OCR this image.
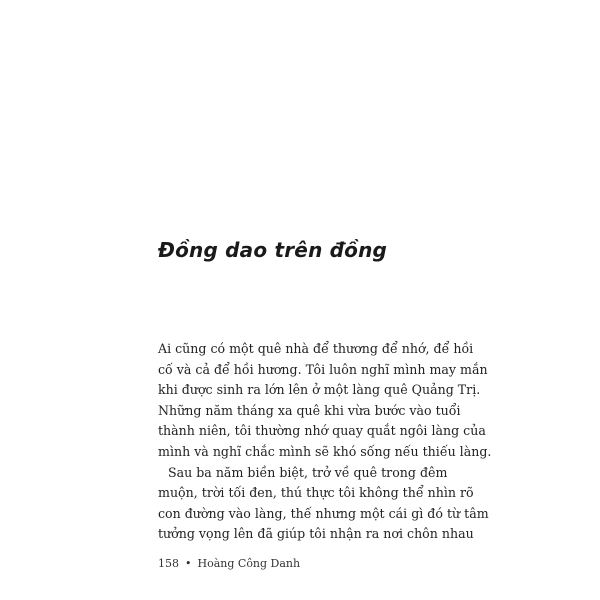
Đồng dao trên đồng
Ai cũng có một quê nhà để thương để nhớ, để hồi
cố và cả để hồi hương. Tôi luôn nghĩ mình may mắn
khi được sinh ra lớn lên ở một làng quê Quảng Trị.
Những năm tháng xa quê khi vừa bước vào tuổi
thành niên, tôi thường nhớ quay quắt ngôi làng của
mình và nghĩ chắc mình sẽ khó sống nếu thiếu làng.
Sau ba năm biền biệt, trở về quê trong đêm
muộn, trời tối đen, thú thực tôi không thể nhìn rõ
con đường vào làng, thế nhưng một cái gì đó từ tâm
tưởng vọng lên đã giúp tôi nhận ra nơi chôn nhau
158 • Hoàng Công Danh
